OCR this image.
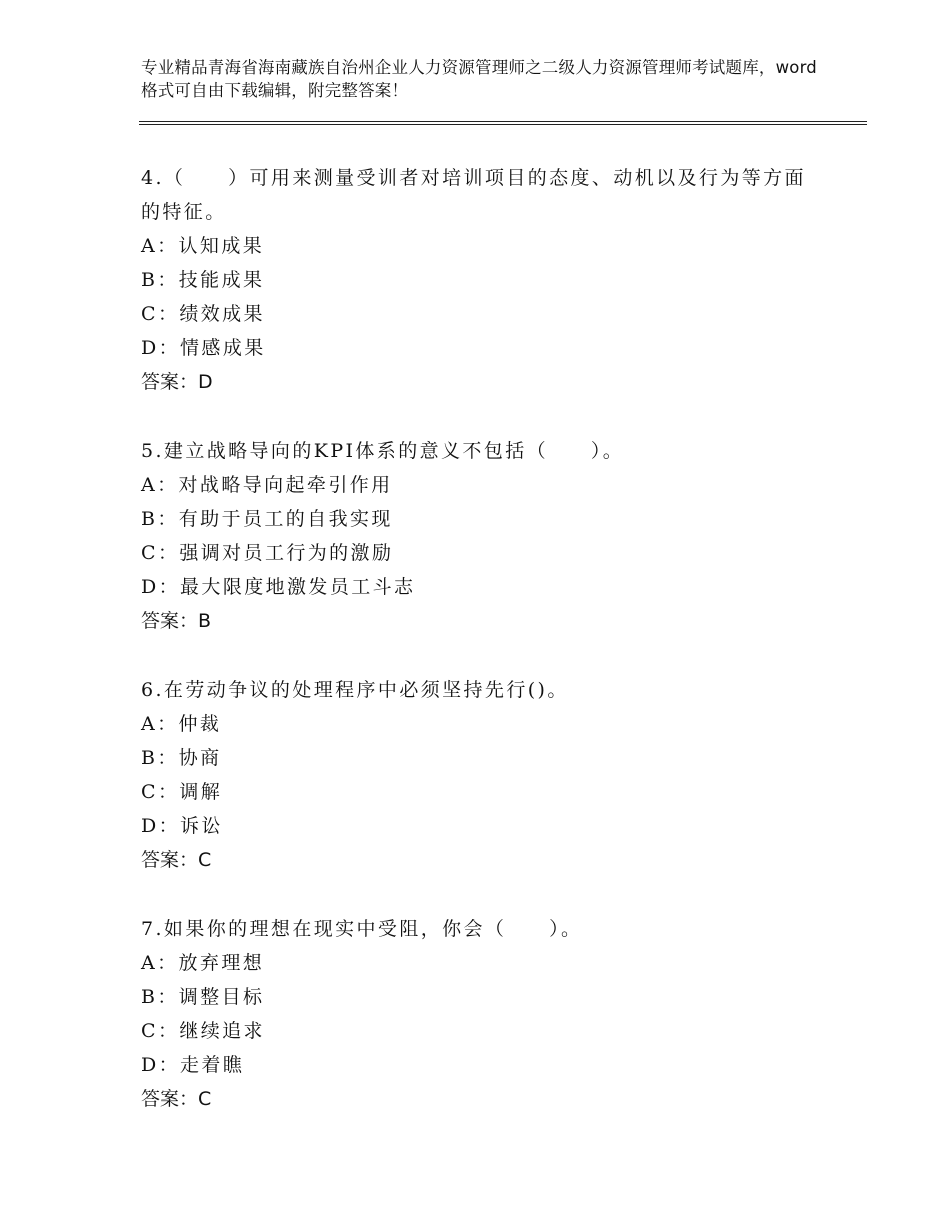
专业精品青海省海南藏族自治州企业人力资源管理师之二级人力资源管理师考试题库，word格式可自由下载编辑，附完整答案！

4.（　　）可用来测量受训者对培训项目的态度、动机以及行为等方面的特征。

A：认知成果
B：技能成果
C：绩效成果
D：情感成果
答案：D

5.建立战略导向的KPI体系的意义不包括（　　）。

A：对战略导向起牵引作用
B：有助于员工的自我实现
C：强调对员工行为的激励
D：最大限度地激发员工斗志
答案：B

6.在劳动争议的处理程序中必须坚持先行()。

A：仲裁
B：协商
C：调解
D：诉讼
答案：C

7.如果你的理想在现实中受阻，你会（　　）。

A：放弃理想
B：调整目标
C：继续追求
D：走着瞧
答案：C
